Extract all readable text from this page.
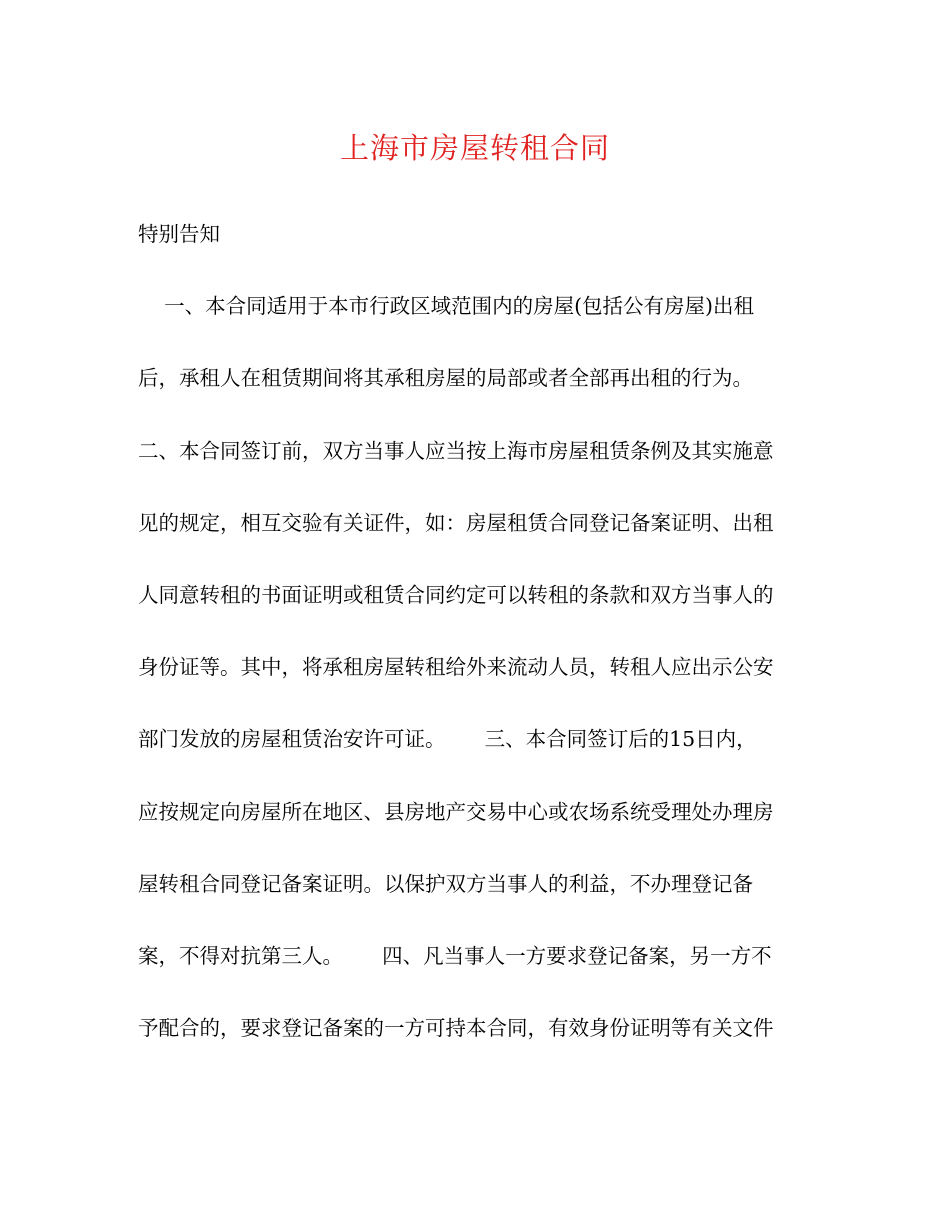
上海市房屋转租合同
特别告知
一、本合同适用于本市行政区域范围内的房屋(包括公有房屋)出租
后，承租人在租赁期间将其承租房屋的局部或者全部再出租的行为。
二、本合同签订前，双方当事人应当按上海市房屋租赁条例及其实施意
见的规定，相互交验有关证件，如：房屋租赁合同登记备案证明、出租
人同意转租的书面证明或租赁合同约定可以转租的条款和双方当事人的
身份证等。其中，将承租房屋转租给外来流动人员，转租人应出示公安
部门发放的房屋租赁治安许可证。      三、本合同签订后的15日内，
应按规定向房屋所在地区、县房地产交易中心或农场系统受理处办理房
屋转租合同登记备案证明。以保护双方当事人的利益，不办理登记备
案，不得对抗第三人。      四、凡当事人一方要求登记备案，另一方不
予配合的，要求登记备案的一方可持本合同，有效身份证明等有关文件
